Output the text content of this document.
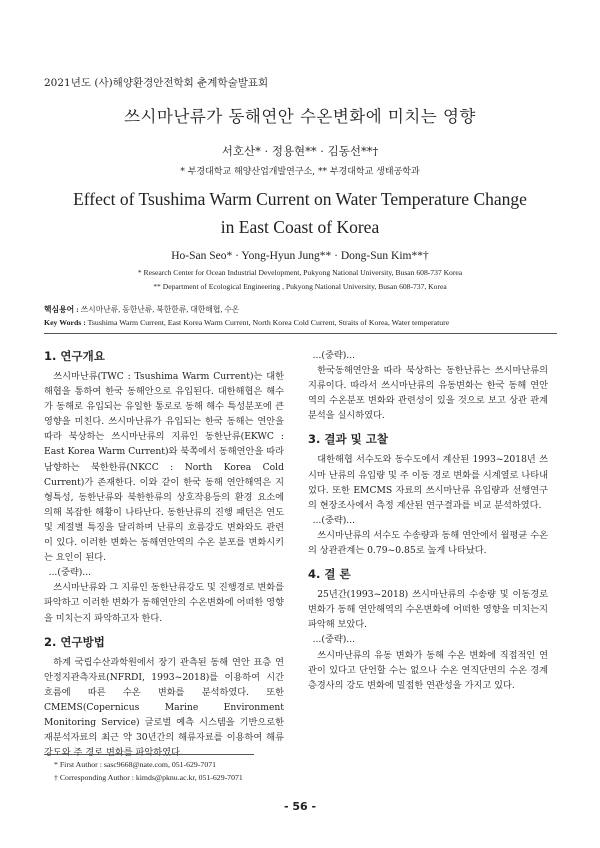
2021년도 (사)해양환경안전학회 춘계학술발표회
쓰시마난류가 동해연안 수온변화에 미치는 영향
서호산* · 정용현** · 김동선**†
* 부경대학교 해양산업개발연구소, ** 부경대학교 생태공학과
Effect of Tsushima Warm Current on Water Temperature Change
in East Coast of Korea
Ho-San Seo* · Yong-Hyun Jung** · Dong-Sun Kim**†
* Research Center for Ocean Industrial Development, Pukyong National University, Busan 608-737 Korea
** Department of Ecological Engineering , Pukyong National University, Busan 608-737, Korea
핵심용어 : 쓰시마난류, 동한난류, 북한한류, 대한해협, 수온
Key Words : Tsushima Warm Current, East Korea Warm Current, North Korea Cold Current, Straits of Korea, Water temperature
1. 연구개요

쓰시마난류(TWC : Tsushima Warm Current)는 대한해협을 통하여 한국 동해안으로 유입된다. 대한해협은 해수가 동해로 유입되는 유일한 통로로 동해 해수 특성분포에 큰 영향을 미친다. 쓰시마난류가 유입되는 한국 동해는 연안을 따라 북상하는 쓰시마난류의 지류인 동한난류(EKWC : East Korea Warm Current)와 북쪽에서 동해연안을 따라 남향하는 북한한류(NKCC : North Korea Cold Current)가 존재한다. 이와 같이 한국 동해 연안해역은 지형특성, 동한난류와 북한한류의 상호작용등의 환경 요소에 의해 복잡한 해황이 나타난다. 동한난류의 진행 패턴은 연도 및 계절별 특징을 달리하며 난류의 흐름강도 변화와도 관련이 있다. 이러한 변화는 동해연안역의 수온 분포를 변화시키는 요인이 된다.

...(중략)...

쓰시마난류와 그 지류인 동한난류강도 및 진행경로 변화를 파악하고 이러한 변화가 동해연안의 수온변화에 어떠한 영향을 미치는지 파악하고자 한다.

2. 연구방법

하계 국립수산과학원에서 장기 관측된 동해 연안 표층 연안정지관측자료(NFRDI, 1993~2018)를 이용하여 시간 흐름에 따른 수온 변화를 분석하였다. 또한 CMEMS(Copernicus Marine Environment Monitoring Service) 글로벌 예측 시스템을 기반으로한 재분석자료의 최근 약 30년간의 해류자료를 이용하여 해류 강도와 주 경로 변화를 파악하였다.

...(중략)...

한국동해연안을 따라 북상하는 동한난류는 쓰시마난류의 지류이다. 따라서 쓰시마난류의 유동변화는 한국 동해 연안역의 수온분포 변화와 관련성이 있을 것으로 보고 상관 관계 분석을 실시하였다.

3. 결과 및 고찰

대한해협 서수도와 동수도에서 계산된 1993~2018년 쓰시마 난류의 유입량 및 주 이동 경로 변화를 시계열로 나타내었다. 또한 EMCMS 자료의 쓰시마난류 유입량과 선행연구의 현장조사에서 측정 계산된 연구결과를 비교 분석하였다.

...(중략)...

쓰시마난류의 서수도 수송량과 동해 연안에서 월평균 수온의 상관관계는 0.79~0.85로 높게 나타났다.

4. 결 론

25년간(1993~2018) 쓰시마난류의 수송량 및 이동경로 변화가 동해 연안해역의 수온변화에 어떠한 영향을 미치는지 파악해 보았다.

...(중략)...

쓰시마난류의 유동 변화가 동해 수온 변화에 직접적인 연관이 있다고 단언할 수는 없으나 수온 연직단면의 수온 경계층경사의 강도 변화에 밀접한 연관성을 가지고 있다.

* First Author : sasc9668@nate.com, 051-629-7071
† Corresponding Author : kimds@pknu.ac.kr, 051-629-7071
- 56 -
